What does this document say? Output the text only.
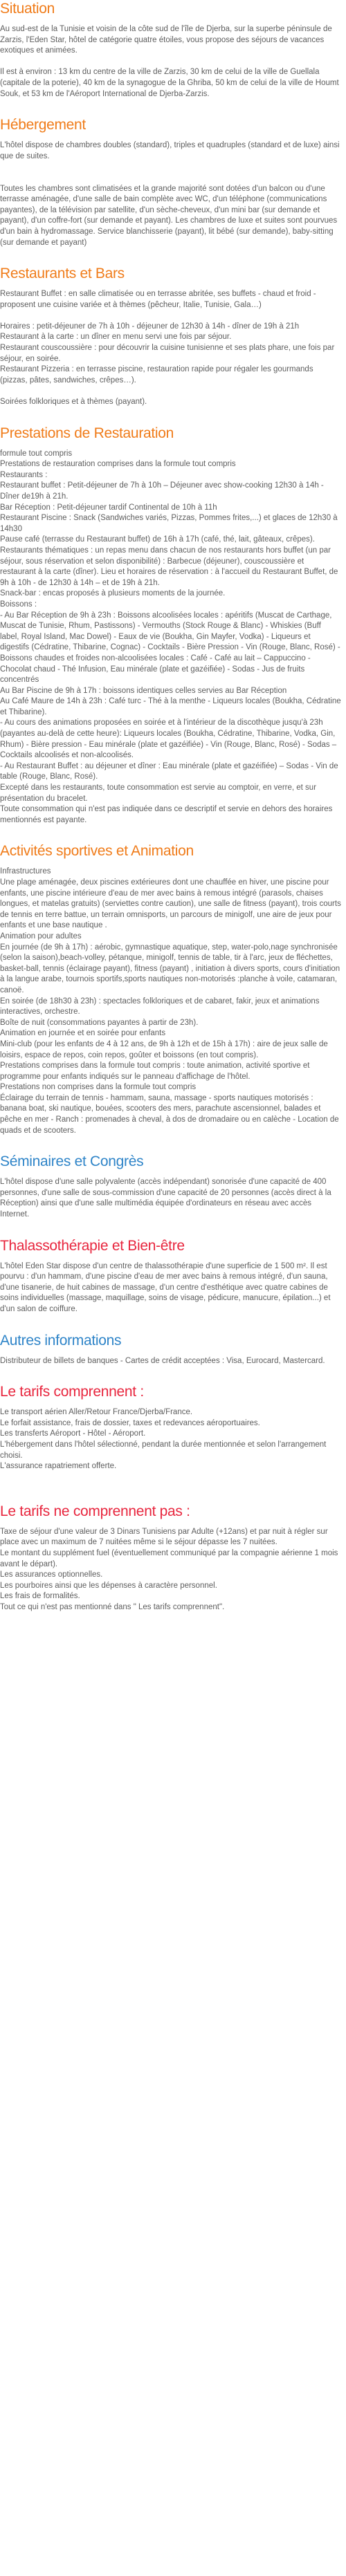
Situation

Au sud-est de la Tunisie et voisin de la côte sud de l'île de Djerba, sur la superbe péninsule de Zarzis, l'Eden Star, hôtel de catégorie quatre étoiles, vous propose des séjours de vacances exotiques et animées.

Il est à environ : 13 km du centre de la ville de Zarzis, 30 km de celui de la ville de Guellala (capitale de la poterie), 40 km de la synagogue de la Ghriba, 50 km de celui de la ville de Houmt Souk, et 53 km de l'Aéroport International de Djerba-Zarzis.

Hébergement

L'hôtel dispose de chambres doubles (standard), triples et quadruples (standard et de luxe) ainsi que de suites.

Toutes les chambres sont climatisées et la grande majorité sont dotées d'un balcon ou d'une terrasse aménagée, d'une salle de bain complète avec WC, d'un téléphone (communications payantes), de la télévision par satellite, d'un sèche-cheveux, d'un mini bar (sur demande et payant), d'un coffre-fort (sur demande et payant). Les chambres de luxe et suites sont pourvues d'un bain à hydromassage. Service blanchisserie (payant), lit bébé (sur demande), baby-sitting (sur demande et payant)

Restaurants et Bars

Restaurant Buffet : en salle climatisée ou en terrasse abritée, ses buffets - chaud et froid - proposent une cuisine variée et à thèmes (pêcheur, Italie, Tunisie, Gala…)

Horaires : petit-déjeuner de 7h à 10h - déjeuner de 12h30 à 14h - dîner de 19h à 21h

Restaurant à la carte : un dîner en menu servi une fois par séjour.

Restaurant couscoussière : pour découvrir la cuisine tunisienne et ses plats phare, une fois par séjour, en soirée.

Restaurant Pizzeria : en terrasse piscine, restauration rapide pour régaler les gourmands (pizzas, pâtes, sandwiches, crêpes…).

Soirées folkloriques et à thèmes (payant).

Prestations de Restauration

formule tout compris

Prestations de restauration comprises dans la formule tout compris

Restaurants :

Restaurant buffet : Petit-déjeuner de 7h à 10h – Déjeuner avec show-cooking 12h30 à 14h - Dîner de19h à 21h.

Bar Réception : Petit-déjeuner tardif Continental de 10h à 11h

Restaurant Piscine : Snack (Sandwiches variés, Pizzas, Pommes frites,...) et glaces de 12h30 à 14h30

Pause café (terrasse du Restaurant buffet) de 16h à 17h (café, thé, lait, gâteaux, crêpes).

Restaurants thématiques : un repas menu dans chacun de nos restaurants hors buffet (un par séjour, sous réservation et selon disponibilité) : Barbecue (déjeuner), couscoussière et restaurant à la carte (dîner). Lieu et horaires de réservation : à l'accueil du Restaurant Buffet, de 9h à 10h - de 12h30 à 14h – et de 19h à 21h.

Snack-bar : encas proposés à plusieurs moments de la journée.

Boissons :

- Au Bar Réception de 9h à 23h : Boissons alcoolisées locales : apéritifs (Muscat de Carthage, Muscat de Tunisie, Rhum, Pastissons) - Vermouths (Stock Rouge & Blanc) - Whiskies (Buff label, Royal Island, Mac Dowel) - Eaux de vie (Boukha, Gin Mayfer, Vodka) - Liqueurs et digestifs (Cédratine, Thibarine, Cognac) - Cocktails - Bière Pression - Vin (Rouge, Blanc, Rosé) - Boissons chaudes et froides non-alcoolisées locales : Café - Café au lait – Cappuccino - Chocolat chaud - Thé Infusion, Eau minérale (plate et gazéifiée) - Sodas - Jus de fruits concentrés

Au Bar Piscine de 9h à 17h : boissons identiques celles servies au Bar Réception

Au Café Maure de 14h à 23h : Café turc - Thé à la menthe - Liqueurs locales (Boukha, Cédratine et Thibarine).

- Au cours des animations proposées en soirée et à l'intérieur de la discothèque jusqu'à 23h (payantes au-delà de cette heure): Liqueurs locales (Boukha, Cédratine, Thibarine, Vodka, Gin, Rhum) - Bière pression - Eau minérale (plate et gazéifiée) - Vin (Rouge, Blanc, Rosé) - Sodas – Cocktails alcoolisés et non-alcoolisés.

- Au Restaurant Buffet : au déjeuner et dîner : Eau minérale (plate et gazéifiée) – Sodas - Vin de table (Rouge, Blanc, Rosé).

Excepté dans les restaurants, toute consommation est servie au comptoir, en verre, et sur présentation du bracelet.

Toute consommation qui n'est pas indiquée dans ce descriptif et servie en dehors des horaires mentionnés est payante.

Activités sportives et Animation

Infrastructures

Une plage aménagée, deux piscines extérieures dont une chauffée en hiver, une piscine pour enfants, une piscine intérieure d'eau de mer avec bains à remous intégré (parasols, chaises longues, et matelas gratuits) (serviettes contre caution), une salle de fitness (payant), trois courts de tennis en terre battue, un terrain omnisports, un parcours de minigolf, une aire de jeux pour enfants et une base nautique .

Animation pour adultes

En journée (de 9h à 17h) : aérobic, gymnastique aquatique, step, water-polo,nage synchronisée (selon la saison),beach-volley, pétanque, minigolf, tennis de table, tir à l'arc, jeux de fléchettes, basket-ball, tennis (éclairage payant), fitness (payant) , initiation à divers sports, cours d'initiation à la langue arabe, tournois sportifs,sports nautiques non-motorisés :planche à voile, catamaran, canoë.

En soirée (de 18h30 à 23h) : spectacles folkloriques et de cabaret, fakir, jeux et animations interactives, orchestre.

Boîte de nuit (consommations payantes à partir de 23h).

Animation en journée et en soirée pour enfants

Mini-club (pour les enfants de 4 à 12 ans, de 9h à 12h et de 15h à 17h) : aire de jeux salle de loisirs, espace de repos, coin repos, goûter et boissons (en tout compris).

Prestations comprises dans la formule tout compris : toute animation, activité sportive et programme pour enfants indiqués sur le panneau d'affichage de l'hôtel.

Prestations non comprises dans la formule tout compris

Éclairage du terrain de tennis - hammam, sauna, massage - sports nautiques motorisés : banana boat, ski nautique, bouées, scooters des mers, parachute ascensionnel, balades et pêche en mer - Ranch : promenades à cheval, à dos de dromadaire ou en calèche - Location de quads et de scooters.

Séminaires et Congrès

L'hôtel dispose d'une salle polyvalente (accès indépendant) sonorisée d'une capacité de 400 personnes, d'une salle de sous-commission d'une capacité de 20 personnes (accès direct à la Réception) ainsi que d'une salle multimédia équipée d'ordinateurs en réseau avec accès Internet.

Thalassothérapie et Bien-être

L'hôtel Eden Star dispose d'un centre de thalassothérapie d'une superficie de 1 500 m². Il est pourvu : d'un hammam, d'une piscine d'eau de mer avec bains à remous intégré, d'un sauna, d'une tisanerie, de huit cabines de massage, d'un centre d'esthétique avec quatre cabines de soins individuelles (massage, maquillage, soins de visage, pédicure, manucure, épilation...) et d'un salon de coiffure.

Autres informations

Distributeur de billets de banques - Cartes de crédit acceptées : Visa, Eurocard, Mastercard.

Le tarifs comprennent :

Le transport aérien Aller/Retour France/Djerba/France.

Le forfait assistance, frais de dossier, taxes et redevances aéroportuaires.

Les transferts Aéroport - Hôtel - Aéroport.

L'hébergement dans l'hôtel sélectionné, pendant la durée mentionnée et selon l'arrangement choisi.

L'assurance rapatriement offerte.

Le tarifs ne comprennent pas :

Taxe de séjour d'une valeur de 3 Dinars Tunisiens par Adulte (+12ans) et par nuit à régler sur place avec un maximum de 7 nuitées même si le séjour dépasse les 7 nuitées.

Le montant du supplément fuel (éventuellement communiqué par la compagnie aérienne 1 mois avant le départ).

Les assurances optionnelles.

Les pourboires ainsi que les dépenses à caractère personnel.

Les frais de formalités.

Tout ce qui n'est pas mentionné dans " Les tarifs comprennent".
